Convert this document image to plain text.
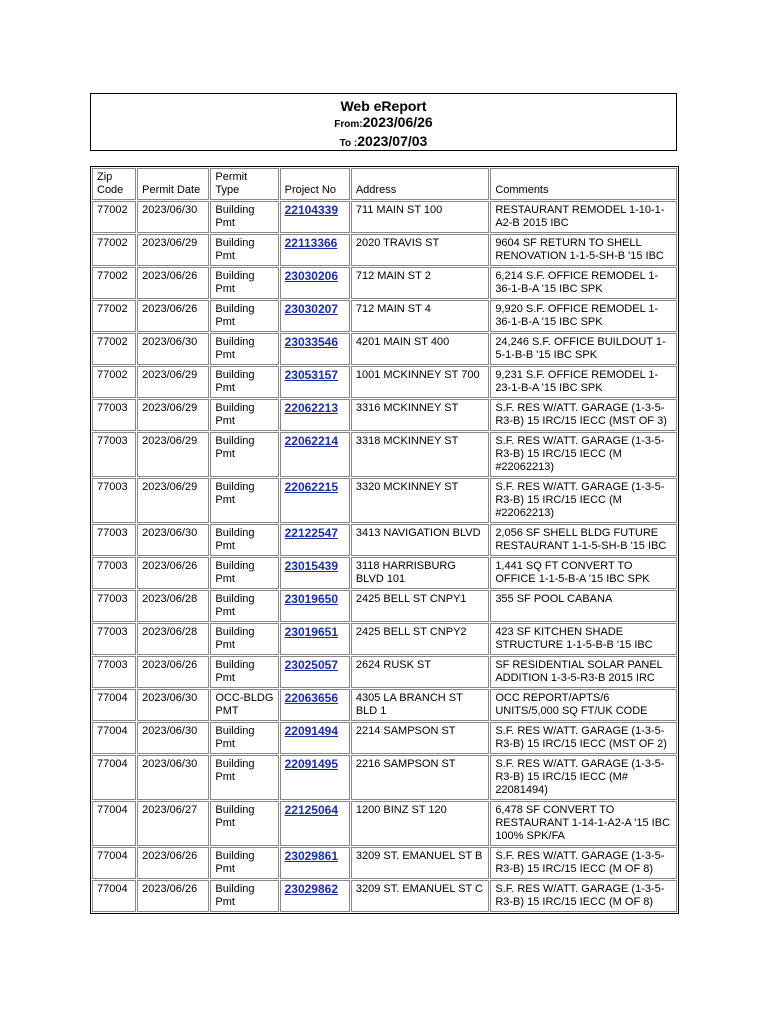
Web eReport
From:2023/06/26
To :2023/07/03
Zip Code	Permit Date	Permit Type	Project No	Address	Comments
77002	2023/06/30	Building Pmt	22104339	711 MAIN ST 100	RESTAURANT REMODEL 1-10-1-A2-B 2015 IBC
77002	2023/06/29	Building Pmt	22113366	2020 TRAVIS ST	9604 SF RETURN TO SHELL RENOVATION 1-1-5-SH-B '15 IBC
77002	2023/06/26	Building Pmt	23030206	712 MAIN ST 2	6,214 S.F. OFFICE REMODEL 1-36-1-B-A '15 IBC SPK
77002	2023/06/26	Building Pmt	23030207	712 MAIN ST 4	9,920 S.F. OFFICE REMODEL 1-36-1-B-A '15 IBC SPK
77002	2023/06/30	Building Pmt	23033546	4201 MAIN ST 400	24,246 S.F. OFFICE BUILDOUT 1-5-1-B-B '15 IBC SPK
77002	2023/06/29	Building Pmt	23053157	1001 MCKINNEY ST 700	9,231 S.F. OFFICE REMODEL 1-23-1-B-A '15 IBC SPK
77003	2023/06/29	Building Pmt	22062213	3316 MCKINNEY ST	S.F. RES W/ATT. GARAGE (1-3-5-R3-B) 15 IRC/15 IECC (MST OF 3)
77003	2023/06/29	Building Pmt	22062214	3318 MCKINNEY ST	S.F. RES W/ATT. GARAGE (1-3-5-R3-B) 15 IRC/15 IECC (M #22062213)
77003	2023/06/29	Building Pmt	22062215	3320 MCKINNEY ST	S.F. RES W/ATT. GARAGE (1-3-5-R3-B) 15 IRC/15 IECC (M #22062213)
77003	2023/06/30	Building Pmt	22122547	3413 NAVIGATION BLVD	2,056 SF SHELL BLDG FUTURE RESTAURANT 1-1-5-SH-B '15 IBC
77003	2023/06/26	Building Pmt	23015439	3118 HARRISBURG BLVD 101	1,441 SQ FT CONVERT TO OFFICE 1-1-5-B-A '15 IBC SPK
77003	2023/06/28	Building Pmt	23019650	2425 BELL ST CNPY1	355 SF POOL CABANA
77003	2023/06/28	Building Pmt	23019651	2425 BELL ST CNPY2	423 SF KITCHEN SHADE STRUCTURE 1-1-5-B-B '15 IBC
77003	2023/06/26	Building Pmt	23025057	2624 RUSK ST	SF RESIDENTIAL SOLAR PANEL ADDITION 1-3-5-R3-B 2015 IRC
77004	2023/06/30	OCC-BLDG PMT	22063656	4305 LA BRANCH ST BLD 1	OCC REPORT/APTS/6 UNITS/5,000 SQ FT/UK CODE
77004	2023/06/30	Building Pmt	22091494	2214 SAMPSON ST	S.F. RES W/ATT. GARAGE (1-3-5-R3-B) 15 IRC/15 IECC (MST OF 2)
77004	2023/06/30	Building Pmt	22091495	2216 SAMPSON ST	S.F. RES W/ATT. GARAGE (1-3-5-R3-B) 15 IRC/15 IECC (M# 22081494)
77004	2023/06/27	Building Pmt	22125064	1200 BINZ ST 120	6,478 SF CONVERT TO RESTAURANT 1-14-1-A2-A '15 IBC 100% SPK/FA
77004	2023/06/26	Building Pmt	23029861	3209 ST. EMANUEL ST B	S.F. RES W/ATT. GARAGE (1-3-5-R3-B) 15 IRC/15 IECC (M OF 8)
77004	2023/06/26	Building Pmt	23029862	3209 ST. EMANUEL ST C	S.F. RES W/ATT. GARAGE (1-3-5-R3-B) 15 IRC/15 IECC (M OF 8)
